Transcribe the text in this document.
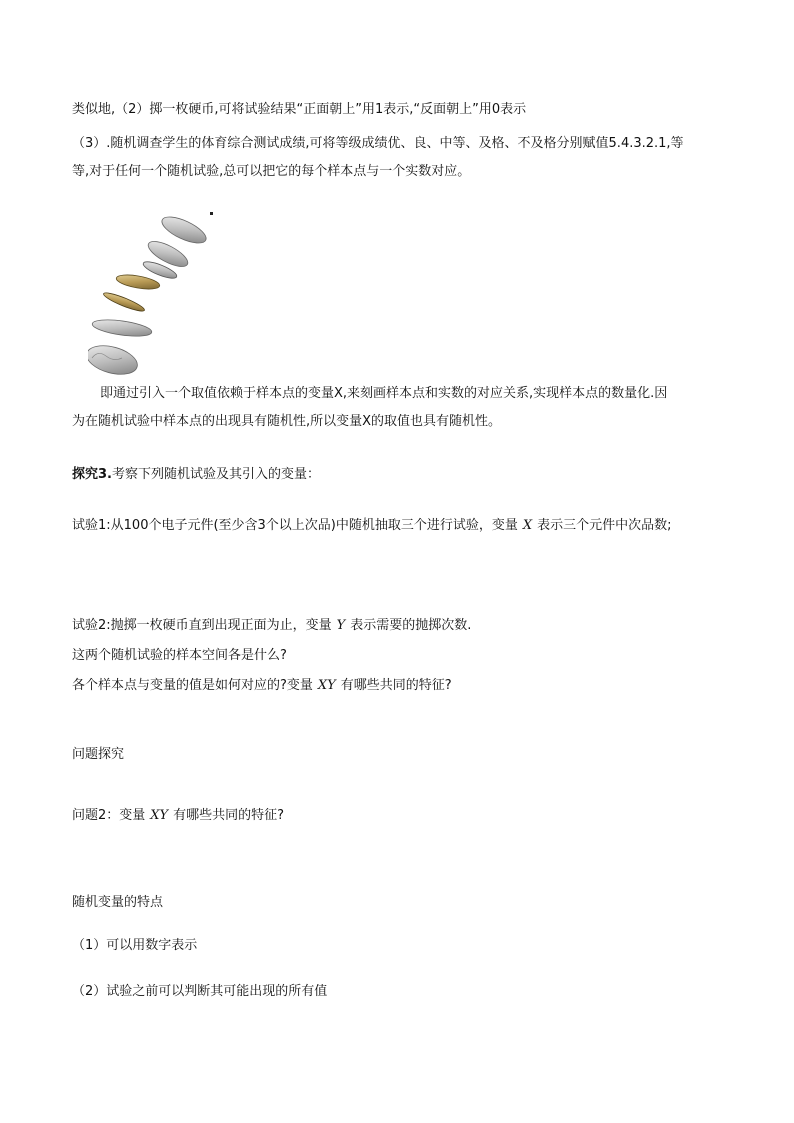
类似地,（2）掷一枚硬币,可将试验结果“正面朝上”用1表示,“反面朝上”用0表示
（3）.随机调查学生的体育综合测试成绩,可将等级成绩优、良、中等、及格、不及格分别赋值5.4.3.2.1,等
等,对于任何一个随机试验,总可以把它的每个样本点与一个实数对应。
即通过引入一个取值依赖于样本点的变量X,来刻画样本点和实数的对应关系,实现样本点的数量化.因
为在随机试验中样本点的出现具有随机性,所以变量X的取值也具有随机性。
探究3.考察下列随机试验及其引入的变量：
试验1:从100个电子元件(至少含3个以上次品)中随机抽取三个进行试验，变量 X 表示三个元件中次品数;
试验2:抛掷一枚硬币直到出现正面为止，变量 Y 表示需要的抛掷次数.
这两个随机试验的样本空间各是什么?
各个样本点与变量的值是如何对应的?变量 XY 有哪些共同的特征?
问题探究
问题2：变量 XY 有哪些共同的特征?
随机变量的特点
（1）可以用数字表示
（2）试验之前可以判断其可能出现的所有值
